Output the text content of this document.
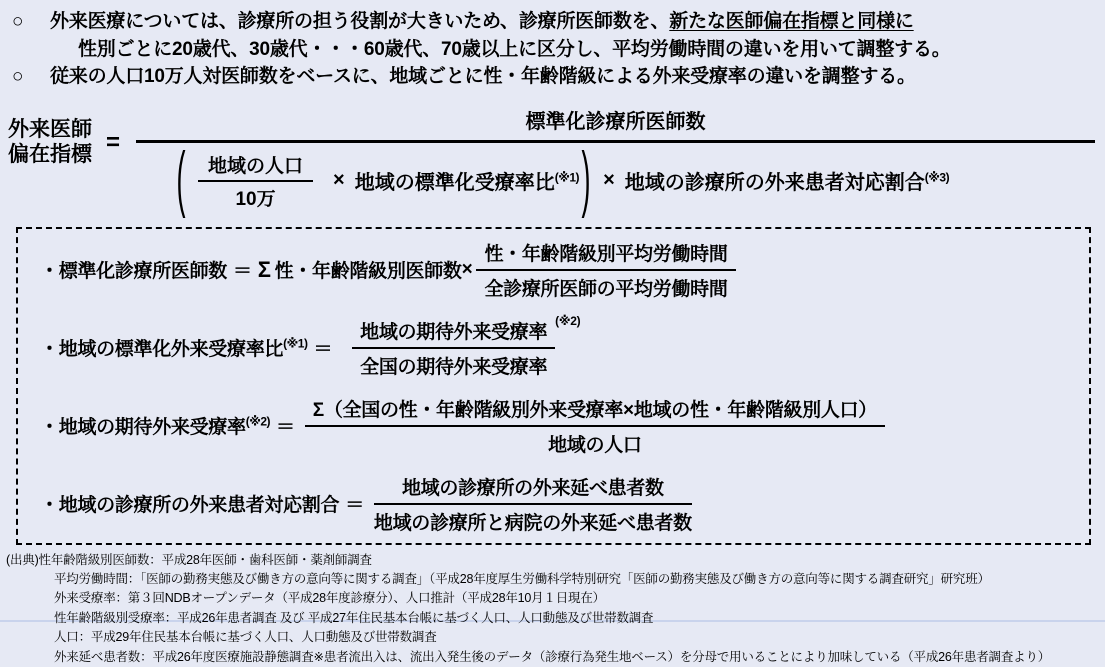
○	外来医療については、診療所の担う役割が大きいため、診療所医師数を、新たな医師偏在指標と同様に
性別ごとに20歳代、30歳代・・・60歳代、70歳以上に区分し、平均労働時間の違いを用いて調整する。
○	従来の人口10万人対医師数をベースに、地域ごとに性・年齢階級による外来受療率の違いを調整する。
外来医師
偏在指標 =
標準化診療所医師数
(	地域の人口
10万
× 地域の標準化受療率比$^{(※1)}$ ) × 地域の診療所の外来患者対応割合$^{(※3)}$
・標準化診療所医師数 ＝ Σ 性・年齢階級別医師数 × $\frac{\text{性・年齢階級別平均労働時間}}{\text{全診療所医師の平均労働時間}}$
・地域の標準化外来受療率比$^{(※1)}$ ＝
地域の期待外来受療率
全国の期待外来受療率
(※2)
・地域の期待外来受療率$^{(※2)} = \frac{\text{Σ（全国の性・年齢階級別外来受療率×地域の性・年齢階級別人口）}}{\text{地域の人口}}$
・地域の診療所の外来患者対応割合 ＝ $\frac{\text{地域の診療所の外来延べ患者数}}{\text{地域の診療所と病院の外来延べ患者数}}$
(出典)性年齢階級別医師数：平成28年医師・歯科医師・薬剤師調査
平均労働時間：「医師の勤務実態及び働き方の意向等に関する調査」（平成28年度厚生労働科学特別研究「医師の勤務実態及び働き方の意向等に関する調査研究」研究班）
外来受療率：第３回NDBオープンデータ（平成28年度診療分）、人口推計（平成28年10月１日現在）
性年齢階級別受療率：平成26年患者調査 及び 平成27年住民基本台帳に基づく人口、人口動態及び世帯数調査
人口：平成29年住民基本台帳に基づく人口、人口動態及び世帯数調査
外来延べ患者数：平成26年度医療施設静態調査※患者流出入は、流出入発生後のデータ（診療行為発生地ベース）を分母で用いることにより加味している（平成26年患者調査より）
